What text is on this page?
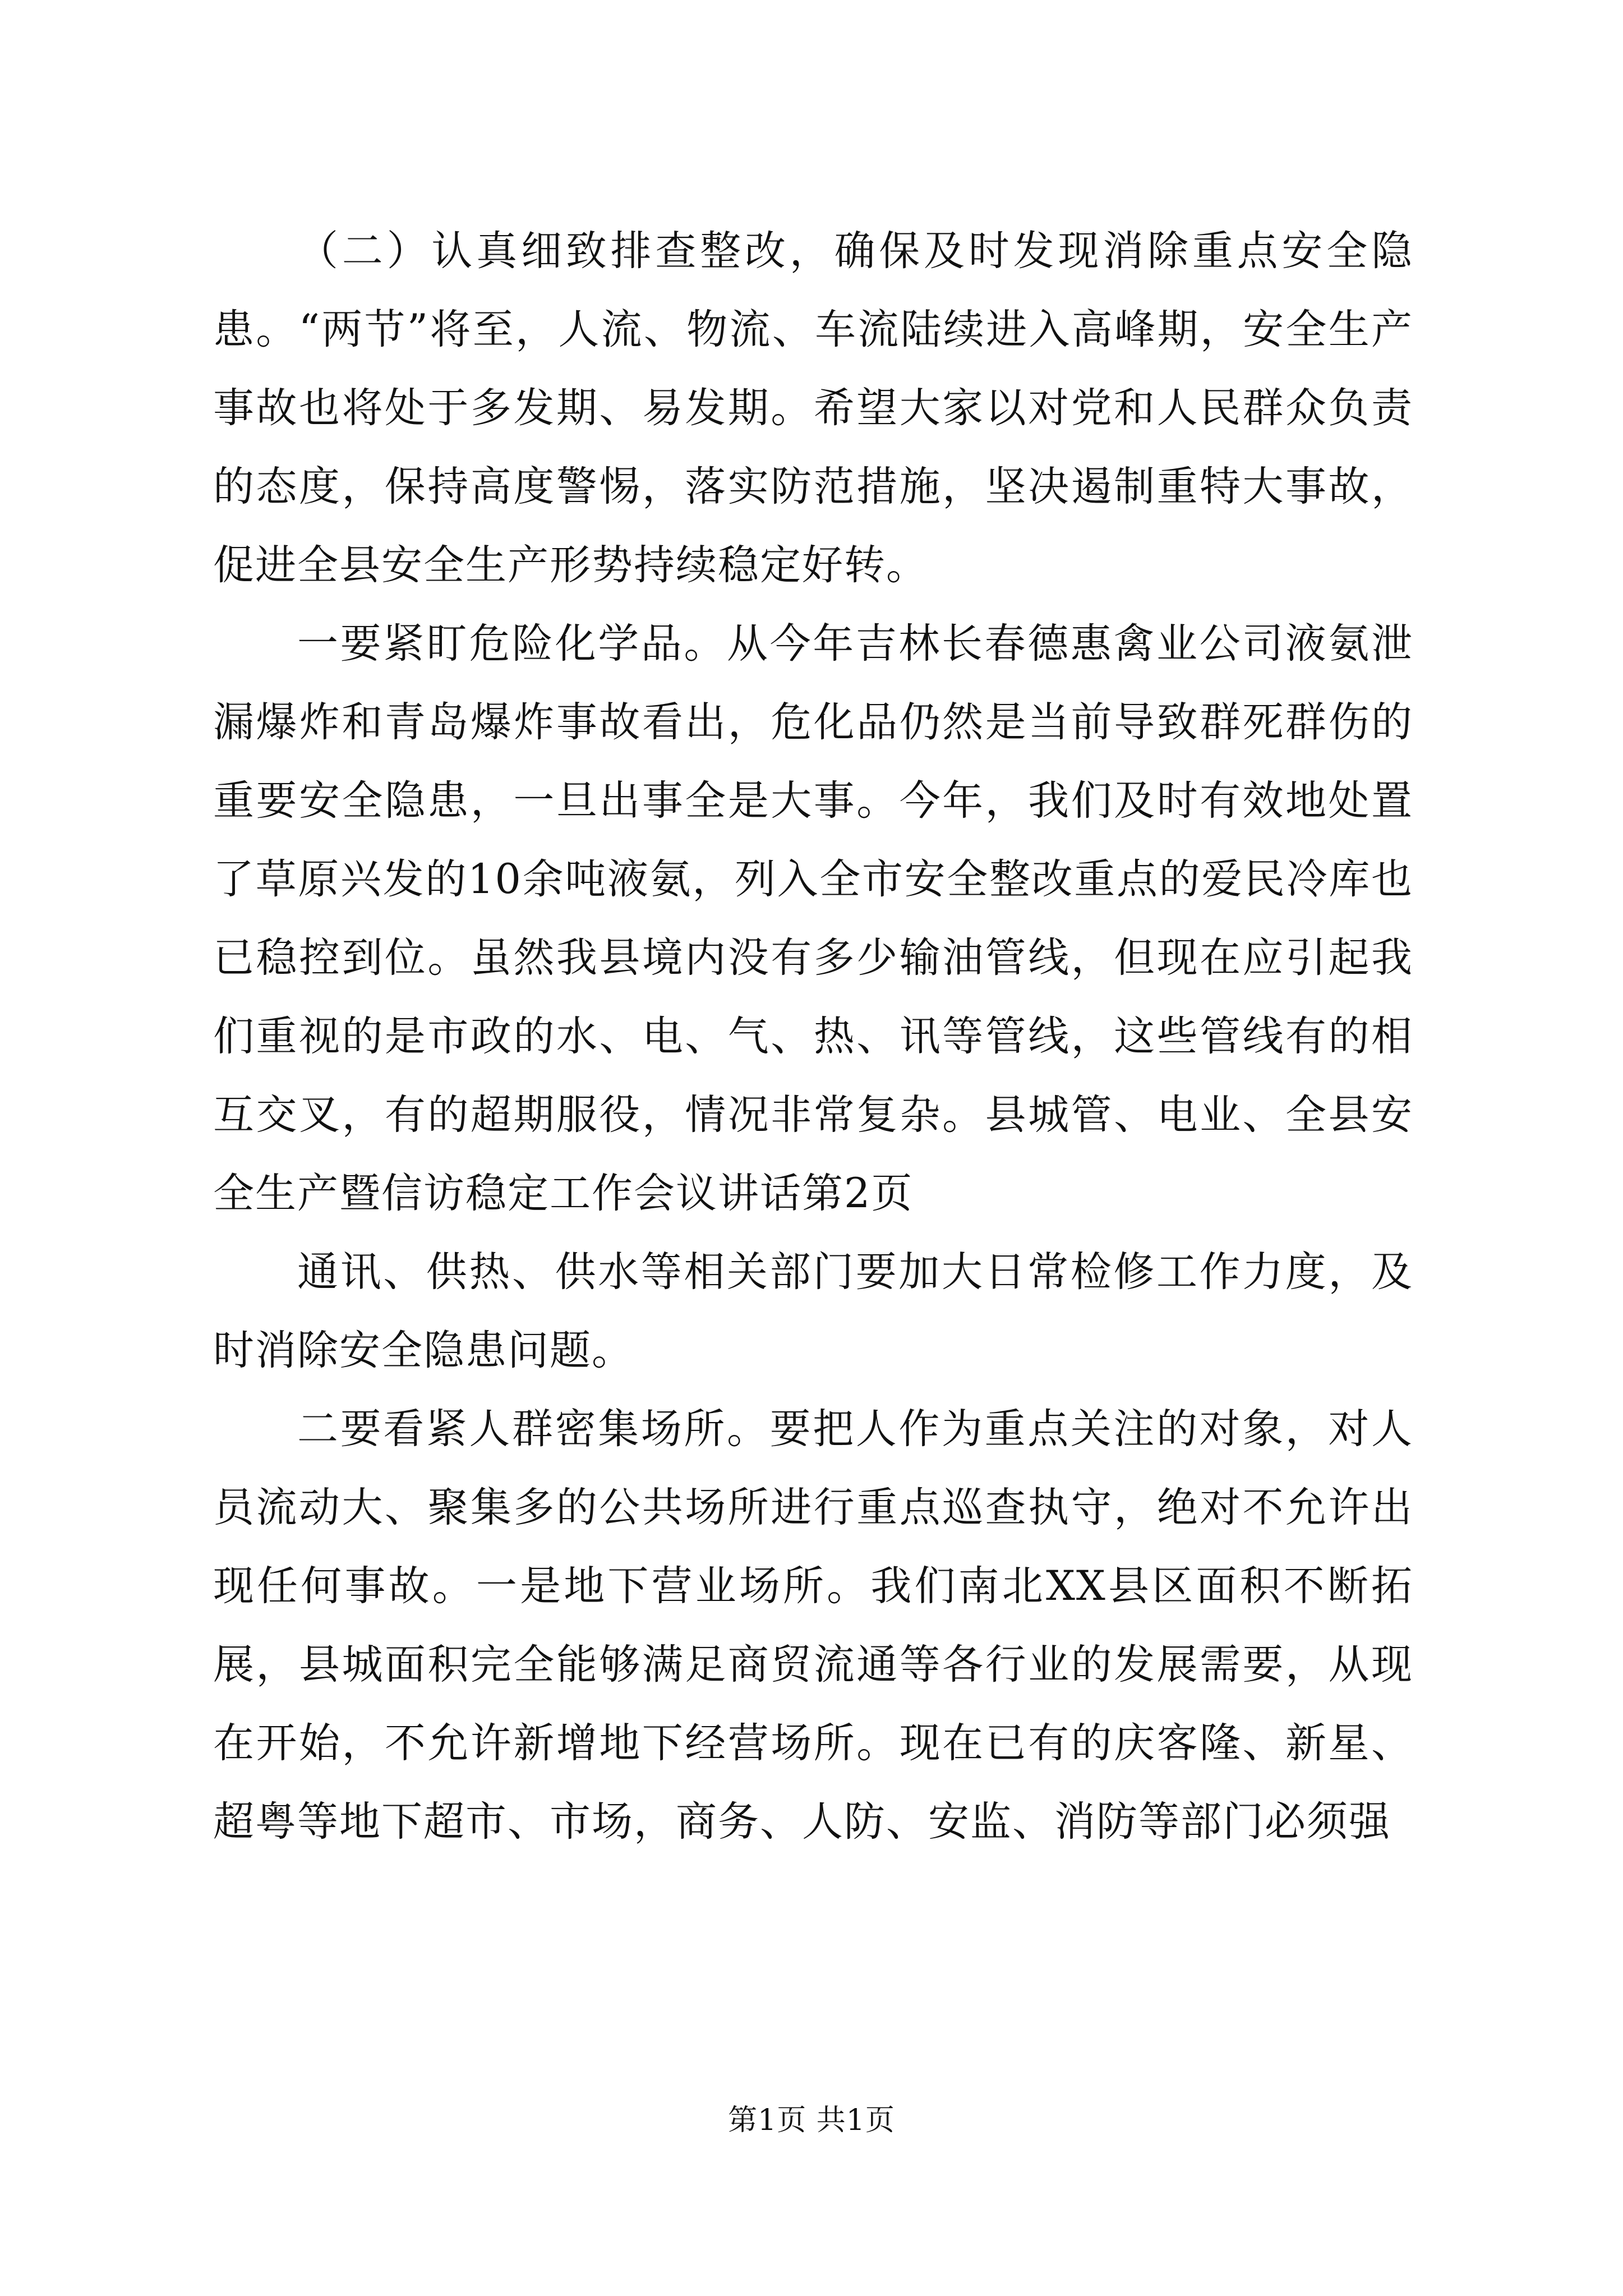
（二）认真细致排查整改，确保及时发现消除重点安全隐患。“两节”将至，人流、物流、车流陆续进入高峰期，安全生产事故也将处于多发期、易发期。希望大家以对党和人民群众负责的态度，保持高度警惕，落实防范措施，坚决遏制重特大事故，促进全县安全生产形势持续稳定好转。

一要紧盯危险化学品。从今年吉林长春德惠禽业公司液氨泄漏爆炸和青岛爆炸事故看出，危化品仍然是当前导致群死群伤的重要安全隐患，一旦出事全是大事。今年，我们及时有效地处置了草原兴发的10余吨液氨，列入全市安全整改重点的爱民冷库也已稳控到位。虽然我县境内没有多少输油管线，但现在应引起我们重视的是市政的水、电、气、热、讯等管线，这些管线有的相互交叉，有的超期服役，情况非常复杂。县城管、电业、全县安全生产暨信访稳定工作会议讲话第2页

通讯、供热、供水等相关部门要加大日常检修工作力度，及时消除安全隐患问题。

二要看紧人群密集场所。要把人作为重点关注的对象，对人员流动大、聚集多的公共场所进行重点巡查执守，绝对不允许出现任何事故。一是地下营业场所。我们南北XX县区面积不断拓展，县城面积完全能够满足商贸流通等各行业的发展需要，从现在开始，不允许新增地下经营场所。现在已有的庆客隆、新星、超粤等地下超市、市场，商务、人防、安监、消防等部门必须强

第1页 共1页
